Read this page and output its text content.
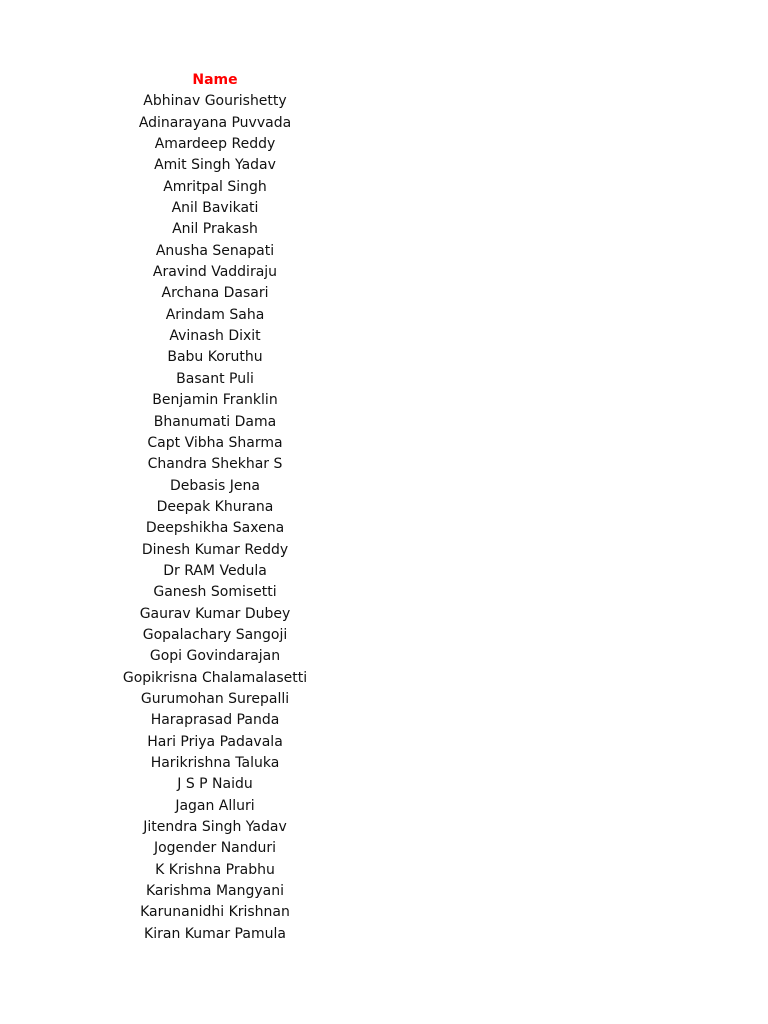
Name
Abhinav Gourishetty
Adinarayana Puvvada
Amardeep Reddy
Amit Singh Yadav
Amritpal Singh
Anil Bavikati
Anil Prakash
Anusha Senapati
Aravind Vaddiraju
Archana Dasari
Arindam Saha
Avinash Dixit
Babu Koruthu
Basant Puli
Benjamin Franklin
Bhanumati Dama
Capt Vibha Sharma
Chandra Shekhar S
Debasis Jena
Deepak Khurana
Deepshikha Saxena
Dinesh Kumar Reddy
Dr RAM Vedula
Ganesh Somisetti
Gaurav Kumar Dubey
Gopalachary Sangoji
Gopi Govindarajan
Gopikrisna Chalamalasetti
Gurumohan Surepalli
Haraprasad Panda
Hari Priya Padavala
Harikrishna Taluka
J S P Naidu
Jagan Alluri
Jitendra Singh Yadav
Jogender Nanduri
K Krishna Prabhu
Karishma Mangyani
Karunanidhi Krishnan
Kiran Kumar Pamula
